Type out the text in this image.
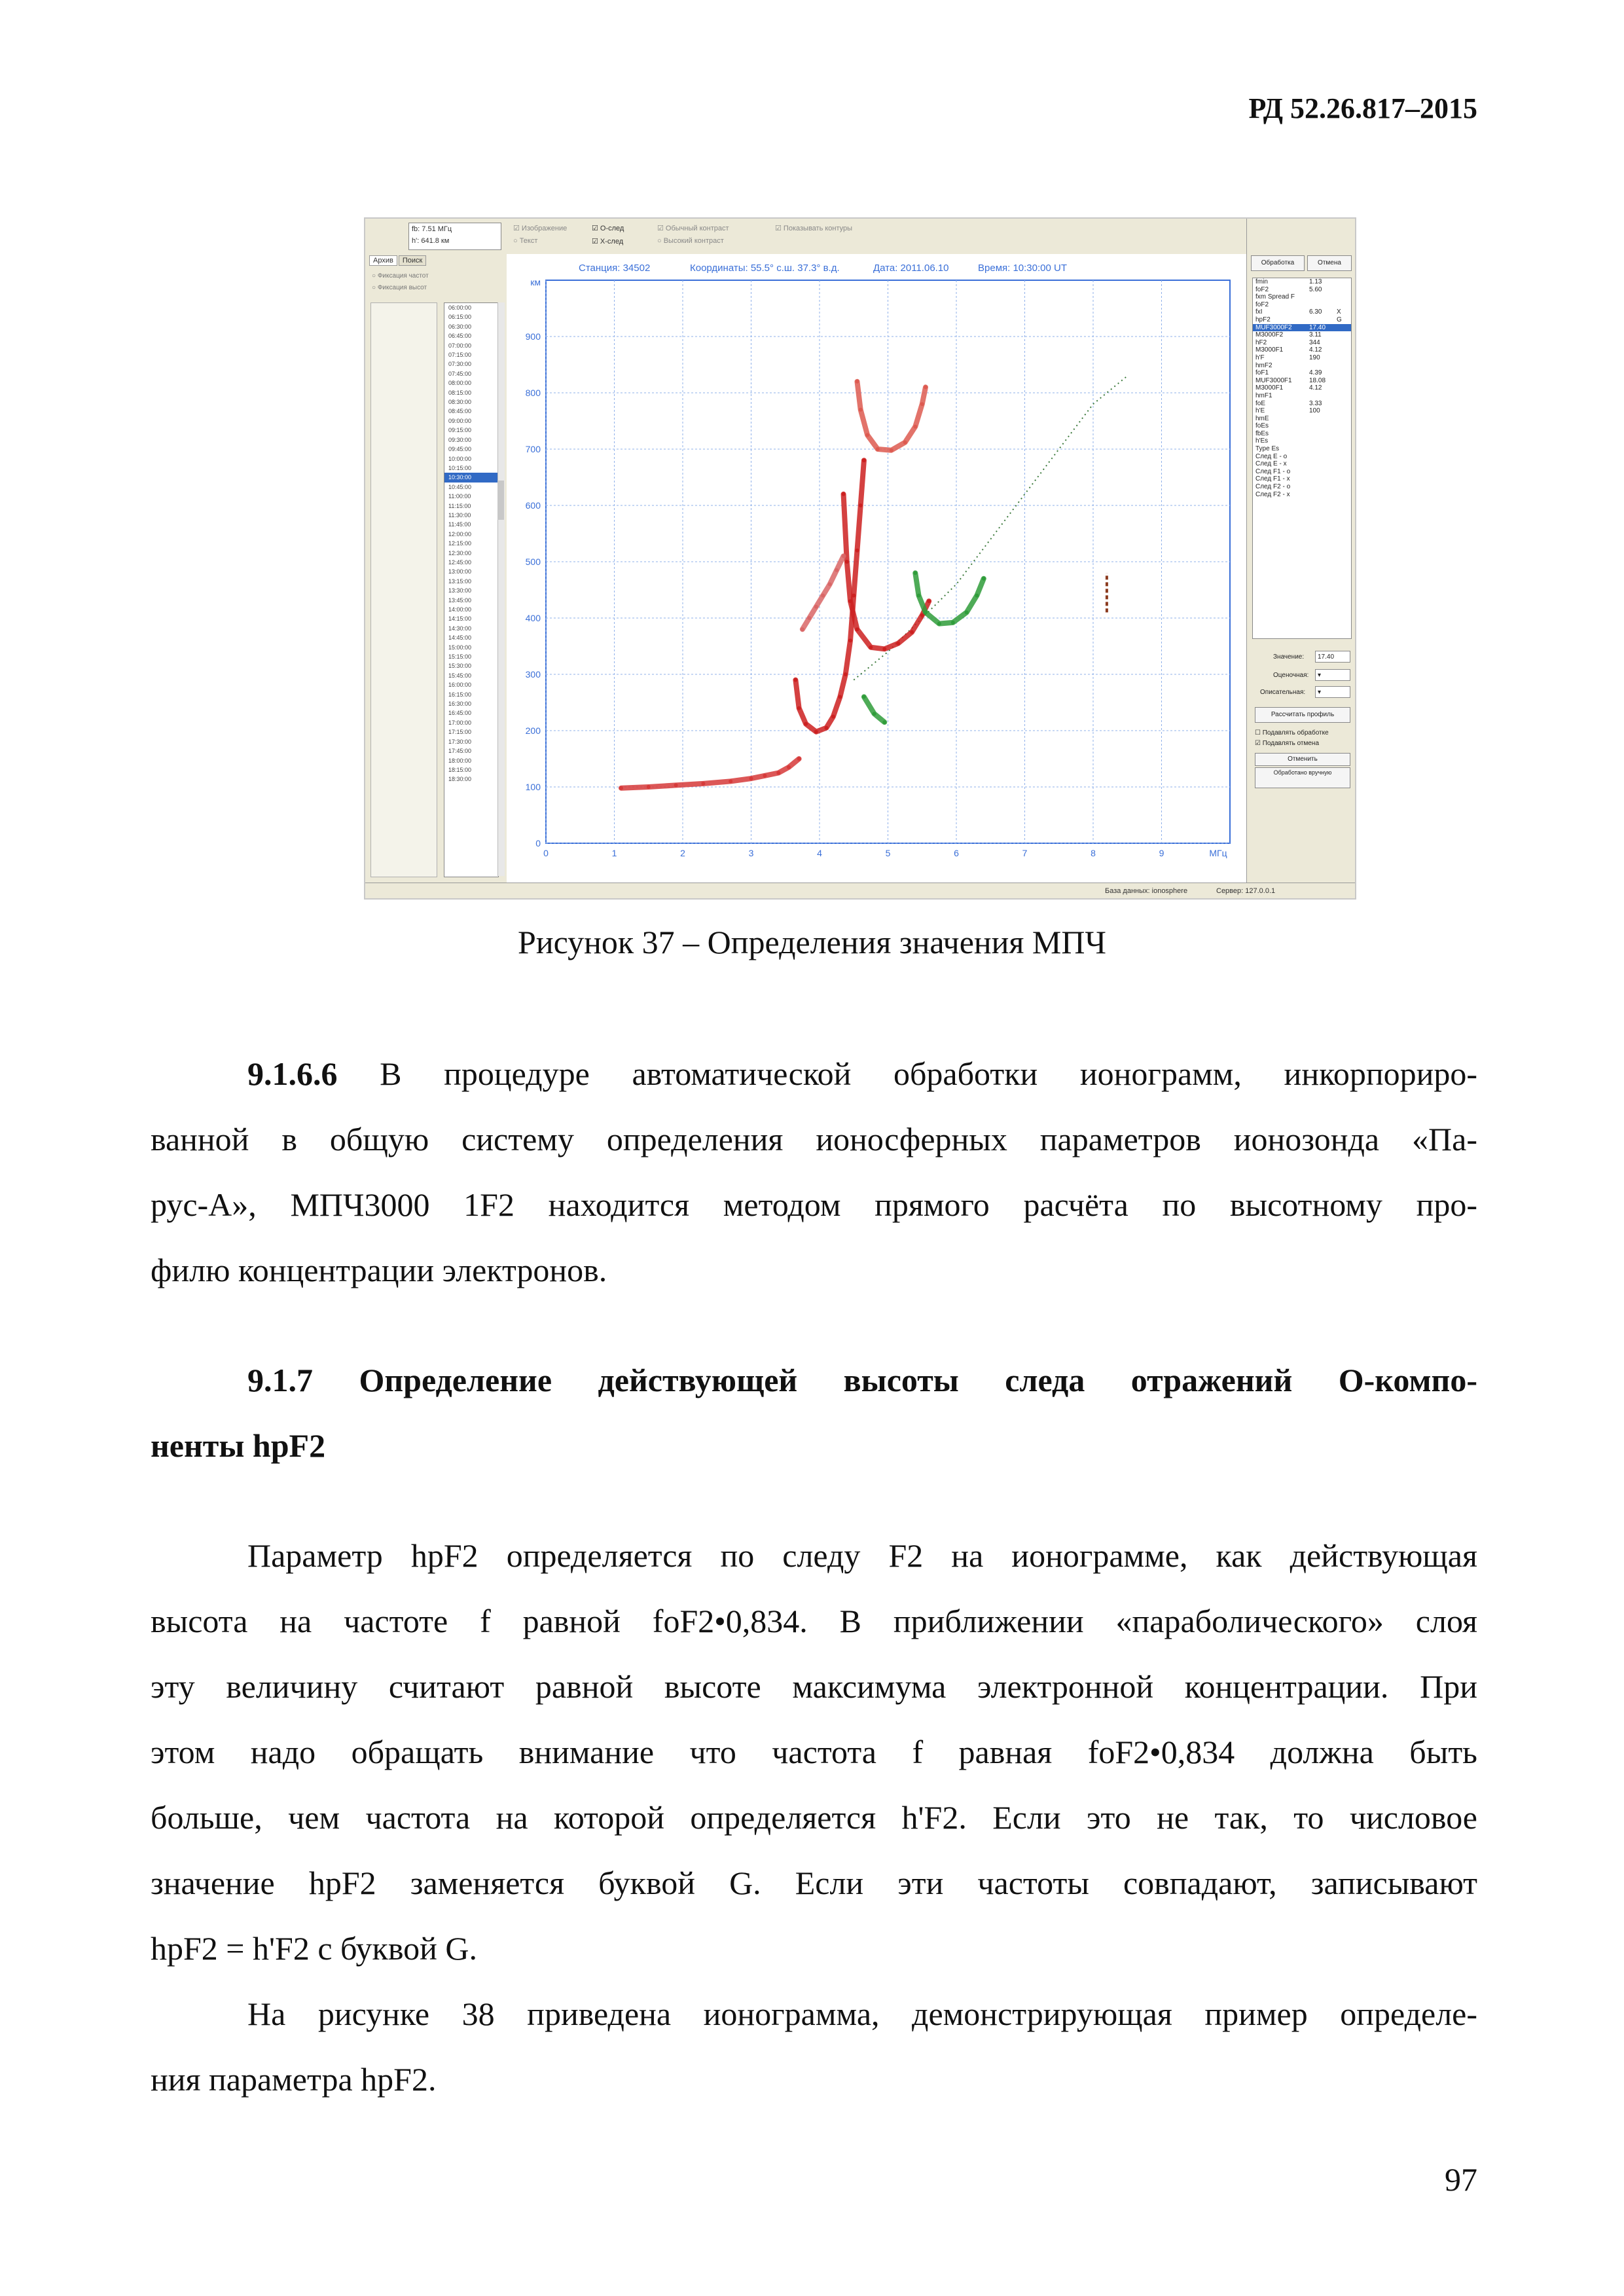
РД 52.26.817–2015
fb: 7.51 МГц
h': 641.8 км
Архив	Поиск
○ Фиксация частот
○ Фиксация высот
06:00:00
06:15:00
06:30:00
06:45:00
07:00:00
07:15:00
07:30:00
07:45:00
08:00:00
08:15:00
08:30:00
08:45:00
09:00:00
09:15:00
09:30:00
09:45:00
10:00:00
10:15:00
10:30:00
10:45:00
11:00:00
11:15:00
11:30:00
11:45:00
12:00:00
12:15:00
12:30:00
12:45:00
13:00:00
13:15:00
13:30:00
13:45:00
14:00:00
14:15:00
14:30:00
14:45:00
15:00:00
15:15:00
15:30:00
15:45:00
16:00:00
16:15:00
16:30:00
16:45:00
17:00:00
17:15:00
17:30:00
17:45:00
18:00:00
18:15:00
18:30:00
☑ Изображение
○ Текст
☑ О-след
☑ X-след
☑ Обычный контраст
○ Высокий контраст
☑ Показывать контуры
Станция: 34502	Координаты: 55.5° с.ш. 37.3° в.д.	Дата: 2011.06.10	Время: 10:30:00 UT
0	1	2	3	4	5	6	7	8	9
0
100
200
300
400
500
600
700
800
900
км
МГц
Обработка	Отмена
fmin	1.13
foF2	5.60
fxm Spread F
foF2
fxI	6.30	X
hpF2	G
MUF3000F2	17.40
M3000F2	3.11
hF2	344
M3000F1	4.12
h'F	190
hmF2
foF1	4.39
MUF3000F1	18.08
M3000F1	4.12
hmF1
foE	3.33
h'E	100
hmE
foEs
fbEs
h'Es
Type Es
След E - о
След E - х
След F1 - о
След F1 - х
След F2 - о
След F2 - х
Значение:	17.40
Оценочная:	▾
Описательная:	▾
Рассчитать профиль
☐ Подавлять обработке
☑ Подавлять отмена
Отменить
Обработано вручную
База данных: ionosphere	Сервер: 127.0.0.1
Рисунок 37 – Определения значения МПЧ
9.1.6.6 В процедуре автоматической обработки ионограмм, инкорпориро-
ванной в общую систему определения ионосферных параметров ионозонда «Па-
рус-А», МПЧ3000 1F2 находится методом прямого расчёта по высотному про-
филю концентрации электронов.
9.1.7 Определение действующей высоты следа отражений О-компо-
ненты hpF2
Параметр hpF2 определяется по следу F2 на ионограмме, как действующая
высота на частоте f равной foF2•0,834. В приближении «параболического» слоя
эту величину считают равной высоте максимума электронной концентрации. При
этом надо обращать внимание что частота f равная foF2•0,834 должна быть
больше, чем частота на которой определяется h'F2. Если это не так, то числовое
значение hpF2 заменяется буквой G. Если эти частоты совпадают, записывают
hpF2 = h'F2 с буквой G.
На рисунке 38 приведена ионограмма, демонстрирующая пример определе-
ния параметра hpF2.
97
